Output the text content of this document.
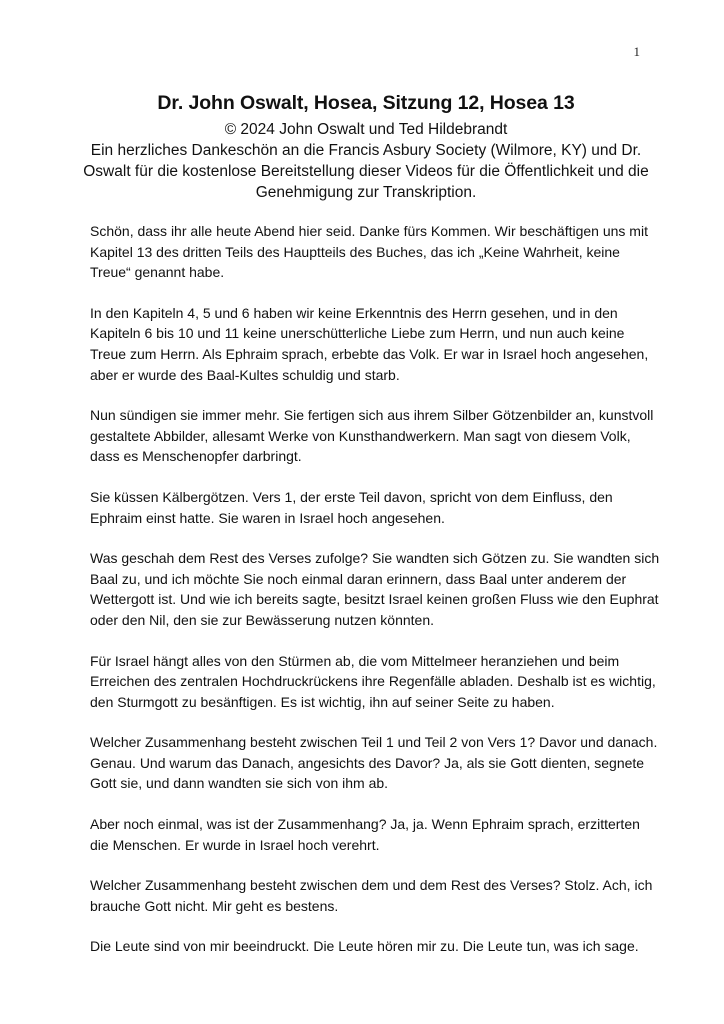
1
Dr. John Oswalt, Hosea, Sitzung 12, Hosea 13
© 2024 John Oswalt und Ted Hildebrandt
Ein herzliches Dankeschön an die Francis Asbury Society (Wilmore, KY) und Dr. Oswalt für die kostenlose Bereitstellung dieser Videos für die Öffentlichkeit und die Genehmigung zur Transkription.

Schön, dass ihr alle heute Abend hier seid. Danke fürs Kommen. Wir beschäftigen uns mit Kapitel 13 des dritten Teils des Hauptteils des Buches, das ich „Keine Wahrheit, keine Treue“ genannt habe.

In den Kapiteln 4, 5 und 6 haben wir keine Erkenntnis des Herrn gesehen, und in den Kapiteln 6 bis 10 und 11 keine unerschütterliche Liebe zum Herrn, und nun auch keine Treue zum Herrn. Als Ephraim sprach, erbebte das Volk. Er war in Israel hoch angesehen, aber er wurde des Baal-Kultes schuldig und starb.

Nun sündigen sie immer mehr. Sie fertigen sich aus ihrem Silber Götzenbilder an, kunstvoll gestaltete Abbilder, allesamt Werke von Kunsthandwerkern. Man sagt von diesem Volk, dass es Menschenopfer darbringt.

Sie küssen Kälbergötzen. Vers 1, der erste Teil davon, spricht von dem Einfluss, den Ephraim einst hatte. Sie waren in Israel hoch angesehen.

Was geschah dem Rest des Verses zufolge? Sie wandten sich Götzen zu. Sie wandten sich Baal zu, und ich möchte Sie noch einmal daran erinnern, dass Baal unter anderem der Wettergott ist. Und wie ich bereits sagte, besitzt Israel keinen großen Fluss wie den Euphrat oder den Nil, den sie zur Bewässerung nutzen könnten.

Für Israel hängt alles von den Stürmen ab, die vom Mittelmeer heranziehen und beim Erreichen des zentralen Hochdruckrückens ihre Regenfälle abladen. Deshalb ist es wichtig, den Sturmgott zu besänftigen. Es ist wichtig, ihn auf seiner Seite zu haben.

Welcher Zusammenhang besteht zwischen Teil 1 und Teil 2 von Vers 1? Davor und danach. Genau. Und warum das Danach, angesichts des Davor? Ja, als sie Gott dienten, segnete Gott sie, und dann wandten sie sich von ihm ab.

Aber noch einmal, was ist der Zusammenhang? Ja, ja. Wenn Ephraim sprach, erzitterten die Menschen. Er wurde in Israel hoch verehrt.

Welcher Zusammenhang besteht zwischen dem und dem Rest des Verses? Stolz. Ach, ich brauche Gott nicht. Mir geht es bestens.

Die Leute sind von mir beeindruckt. Die Leute hören mir zu. Die Leute tun, was ich sage.
